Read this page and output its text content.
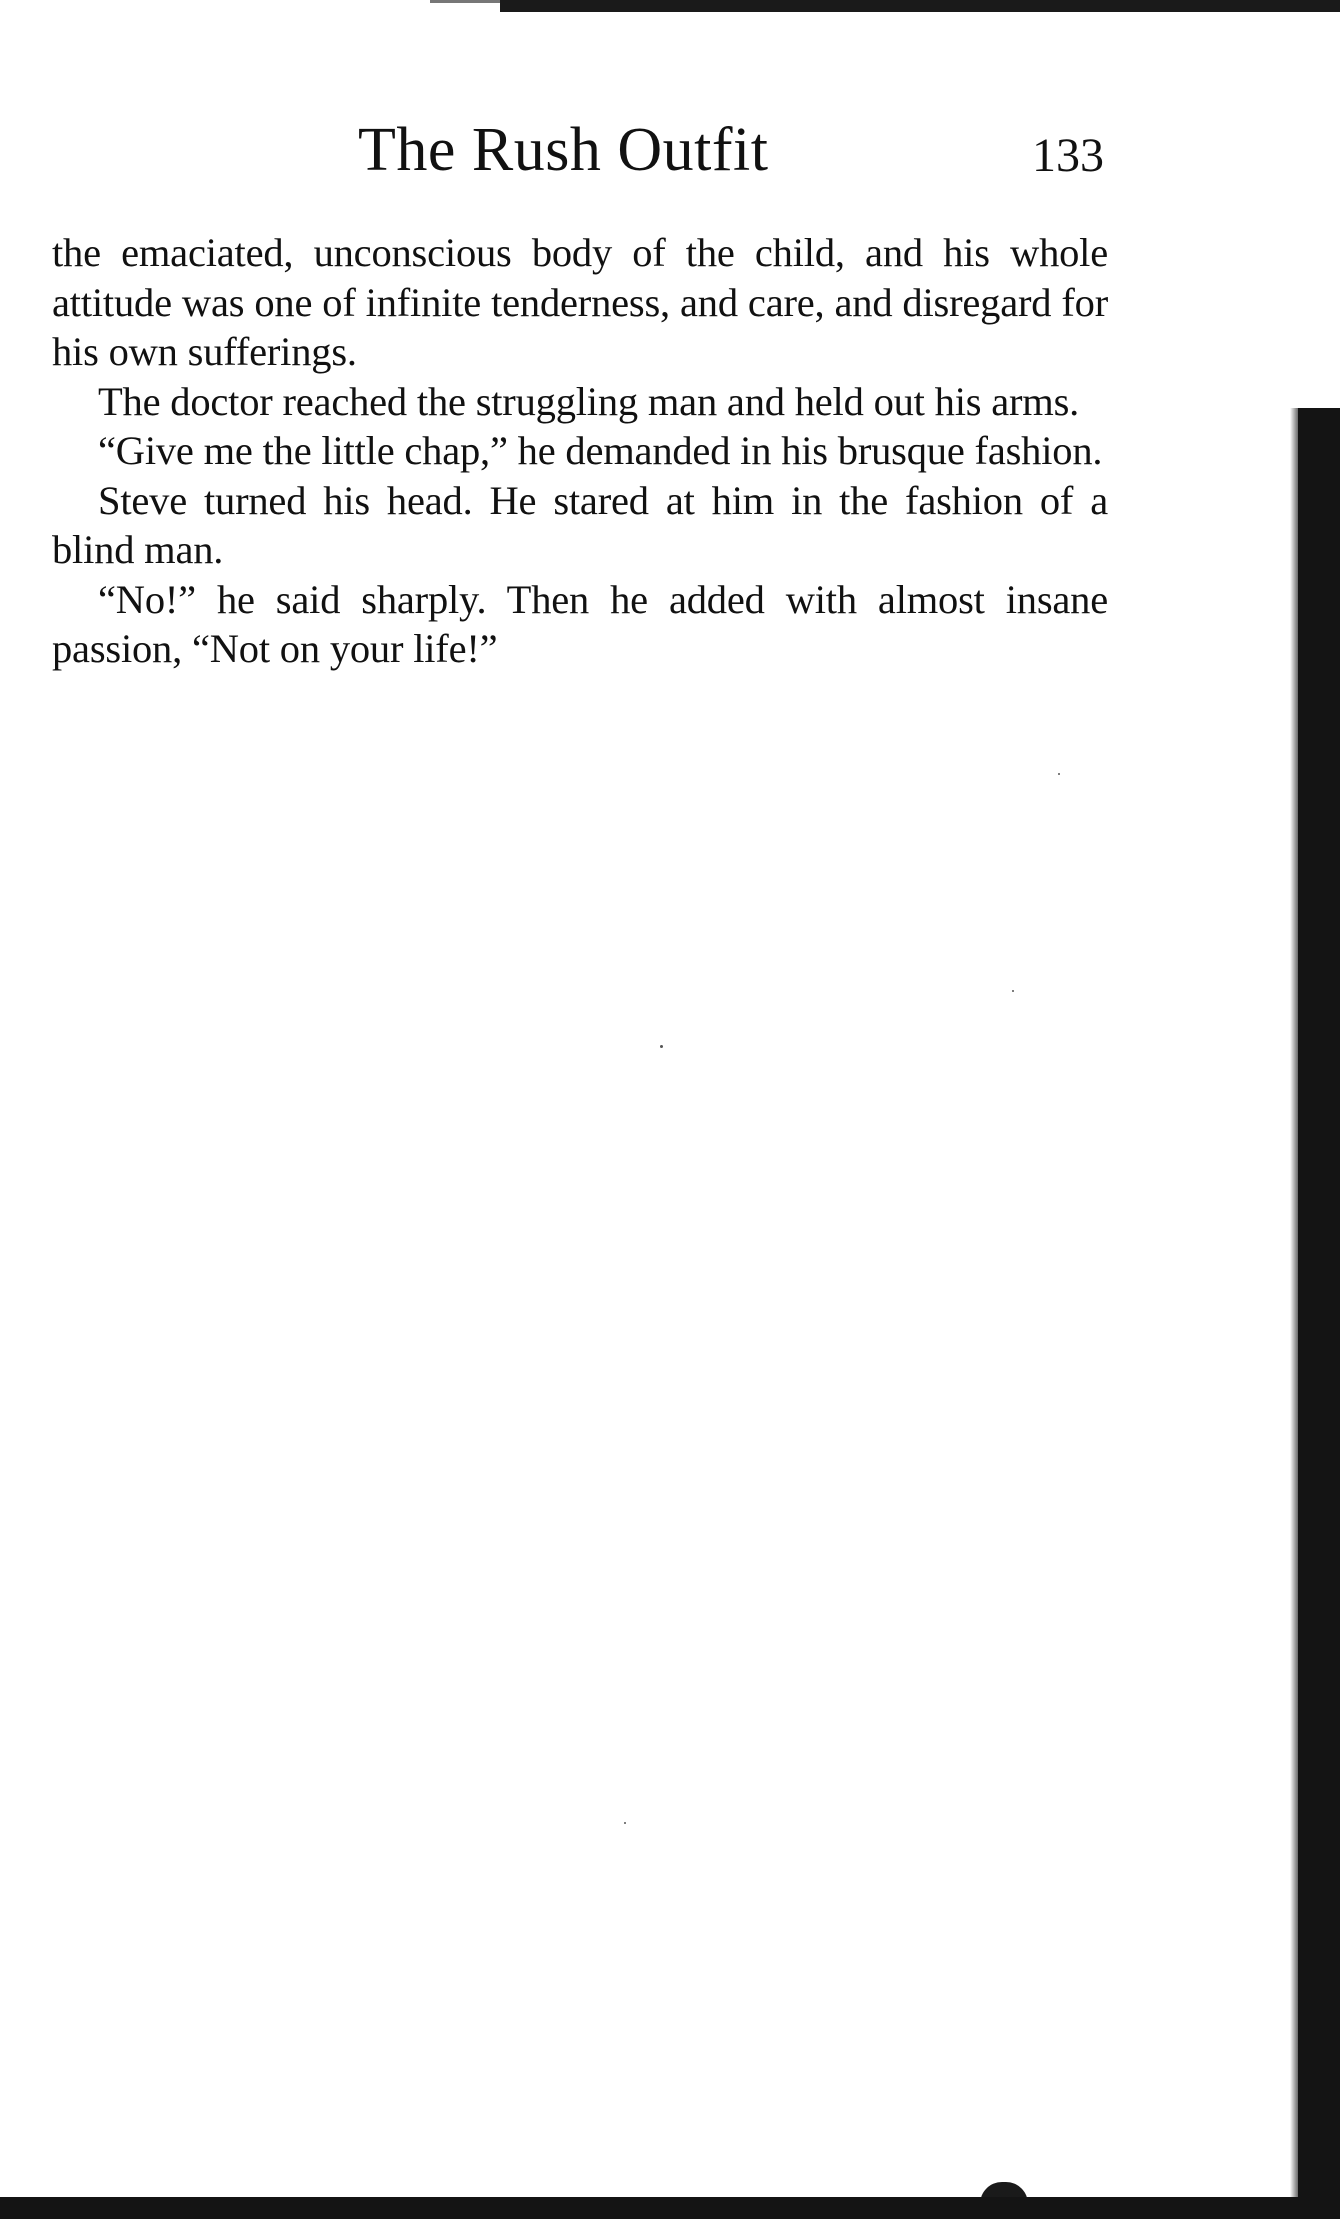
The Rush Outfit	133

the emaciated, unconscious body of the child, and his whole attitude was one of infinite tenderness, and care, and disregard for his own sufferings.

The doctor reached the struggling man and held out his arms.

“Give me the little chap,” he demanded in his brusque fashion.

Steve turned his head. He stared at him in the fashion of a blind man.

“No!” he said sharply. Then he added with almost insane passion, “Not on your life!”
